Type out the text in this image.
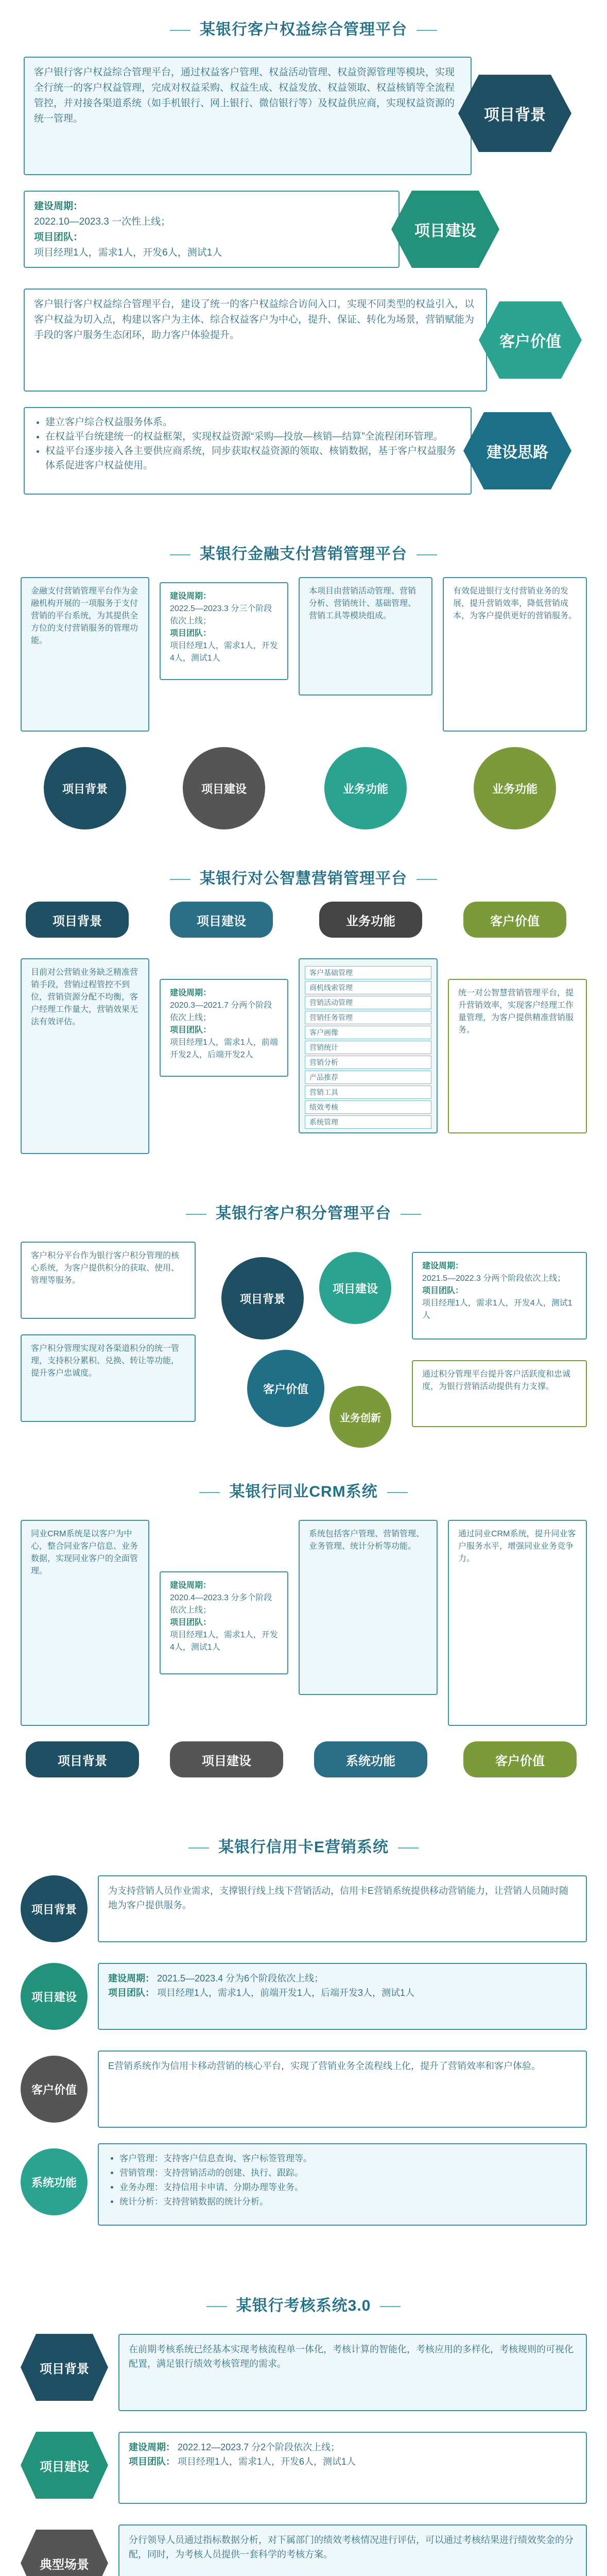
某银行客户权益综合管理平台
客户银行客户权益综合管理平台，通过权益客户管理、权益活动管理、权益资源管理等模块，实现全行统一的客户权益管理，完成对权益采购、权益生成、权益发放、权益领取、权益核销等全流程管控，并对接各渠道系统（如手机银行、网上银行、微信银行等）及权益供应商，实现权益资源的统一管理。	项目背景
建设周期：
2022.10—2023.3 一次性上线；
项目团队：
项目经理1人，需求1人，开发6人，测试1人
项目建设
客户银行客户权益综合管理平台，建设了统一的客户权益综合访问入口，实现不同类型的权益引入，以客户权益为切入点，构建以客户为主体、综合权益客户为中心，提升、保证、转化为场景，营销赋能为手段的客户服务生态闭环，助力客户体验提升。	客户价值
• 建立客户综合权益服务体系。
• 在权益平台统建统一的权益框架，实现权益资源“采购—投放—核销—结算”全流程闭环管理。
• 权益平台逐步接入各主要供应商系统，同步获取权益资源的领取、核销数据，基于客户权益服务体系促进客户权益使用。
建设思路
某银行金融支付营销管理平台
金融支付营销管理平台作为金融机构开展的一项服务于支付营销的平台系统，为其提供全方位的支付营销服务的管理功能。
建设周期：
2022.5—2023.3 分三个阶段依次上线；
项目团队：
项目经理1人，需求1人，开发4人，测试1人
本项目由营销活动管理、营销分析、营销统计、基础管理、营销工具等模块组成。
有效促进银行支付营销业务的发展，提升营销效率，降低营销成本，为客户提供更好的营销服务。
项目背景	项目建设	业务功能	业务功能
某银行对公智慧营销管理平台
项目背景	项目建设	业务功能	客户价值
目前对公营销业务缺乏精准营销手段，营销过程管控不到位，营销资源分配不均衡，客户经理工作量大，营销效果无法有效评估。
建设周期：
2020.3—2021.7 分两个阶段依次上线；
项目团队：
项目经理1人，需求1人，前端开发2人，后端开发2人
客户基础管理
商机线索管理
营销活动管理
营销任务管理
客户画像
营销统计
营销分析
产品推荐
营销工具
绩效考核
系统管理
统一对公智慧营销管理平台，提升营销效率，实现客户经理工作量管理，为客户提供精准营销服务。
某银行客户积分管理平台
客户积分平台作为银行客户积分管理的核心系统，为客户提供积分的获取、使用、管理等服务。
客户积分管理实现对各渠道积分的统一管理，支持积分累积、兑换、转让等功能，提升客户忠诚度。
项目背景
项目建设
客户价值
业务创新
建设周期：
2021.5—2022.3 分两个阶段依次上线；
项目团队：
项目经理1人，需求1人，开发4人，测试1人
通过积分管理平台提升客户活跃度和忠诚度，为银行营销活动提供有力支撑。
某银行同业CRM系统
同业CRM系统是以客户为中心，整合同业客户信息、业务数据，实现同业客户的全面管理。
建设周期：
2020.4—2023.3 分多个阶段依次上线；
项目团队：
项目经理1人，需求1人，开发4人，测试1人
系统包括客户管理、营销管理、业务管理、统计分析等功能。
通过同业CRM系统，提升同业客户服务水平，增强同业业务竞争力。
项目背景	项目建设	系统功能	客户价值
某银行信用卡E营销系统
项目背景
为支持营销人员作业需求，支撑银行线上线下营销活动，信用卡E营销系统提供移动营销能力，让营销人员随时随地为客户提供服务。
项目建设
建设周期： 2021.5—2023.4 分为6个阶段依次上线；
项目团队： 项目经理1人，需求1人，前端开发1人，后端开发3人，测试1人
客户价值
E营销系统作为信用卡移动营销的核心平台，实现了营销业务全流程线上化，提升了营销效率和客户体验。
系统功能
• 客户管理：支持客户信息查询、客户标签管理等。
• 营销管理：支持营销活动的创建、执行、跟踪。
• 业务办理：支持信用卡申请、分期办理等业务。
• 统计分析：支持营销数据的统计分析。
某银行考核系统3.0
项目背景
在前期考核系统已经基本实现考核流程单一体化，考核计算的智能化，考核应用的多样化，考核规则的可视化配置，满足银行绩效考核管理的需求。
项目建设
建设周期： 2022.12—2023.7 分2个阶段依次上线；
项目团队： 项目经理1人，需求1人，开发6人，测试1人
典型场景
分行领导人员通过指标数据分析，对下属部门的绩效考核情况进行评估，可以通过考核结果进行绩效奖金的分配，同时，为考核人员提供一套科学的考核方案。
